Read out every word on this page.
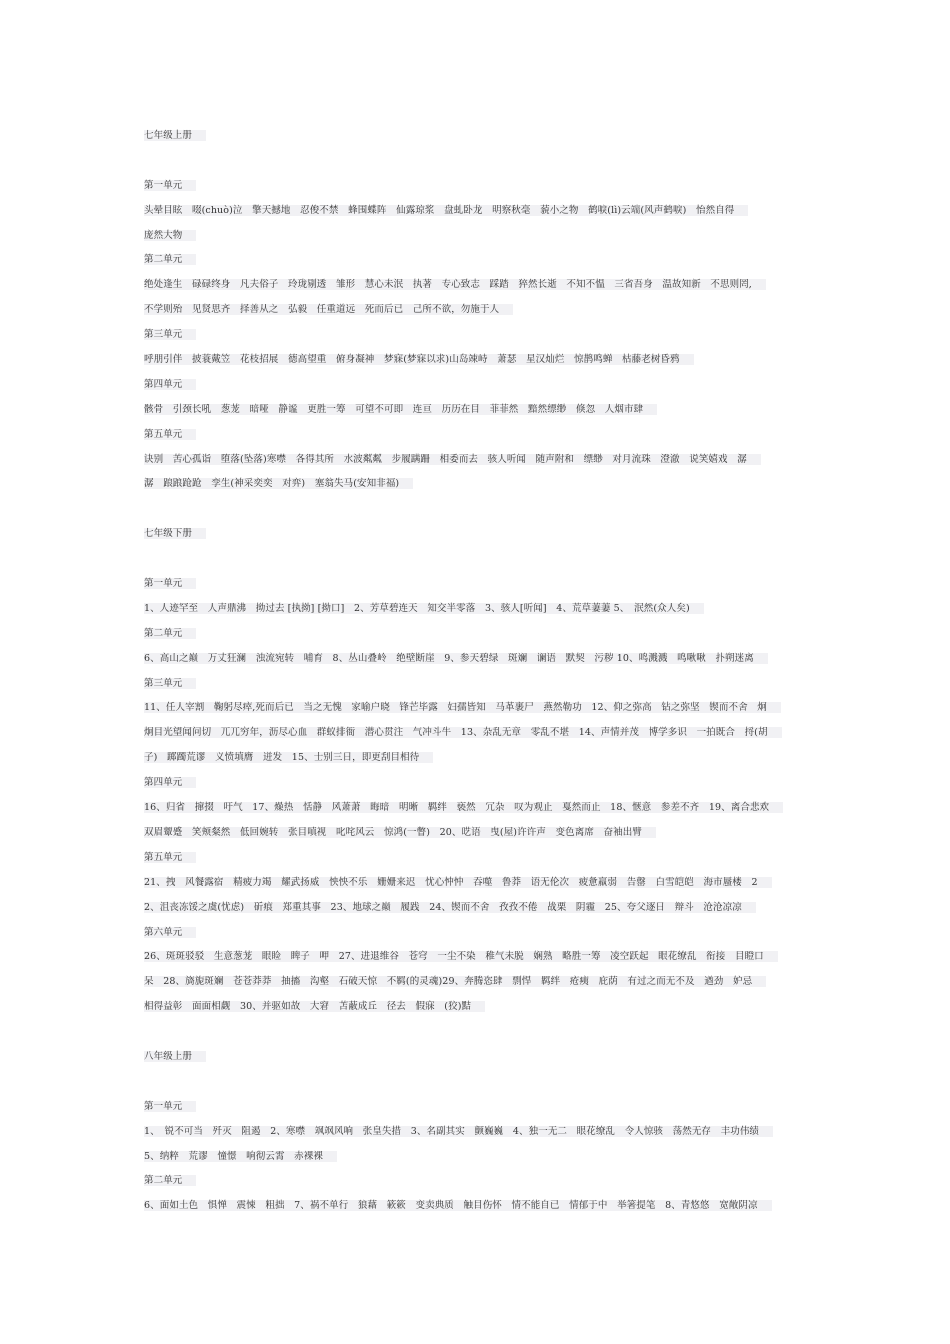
七年级上册
第一单元
头晕目眩　啜(chuò)泣　擎天撼地　忍俊不禁　蜂围蝶阵　仙露琼浆　盘虬卧龙　明察秋毫　藐小之物　鹤唳(lì)云端(风声鹤唳)　怡然自得
庞然大物
第二单元
绝处逢生　碌碌终身　凡夫俗子　玲珑剔透　雏形　慧心未泯　执著　专心致志　踩踏　猝然长逝　不知不愠　三省吾身　温故知新　不思则罔,
不学则殆　见贤思齐　择善从之　弘毅　任重道远　死而后已　己所不欲，勿施于人
第三单元
呼朋引伴　披蓑戴笠　花枝招展　德高望重　俯身凝神　梦寐(梦寐以求)山岛竦峙　萧瑟　星汉灿烂　惊鹊鸣蝉　枯藤老树昏鸦
第四单元
骸骨　引颈长吼　葱茏　暗哑　静谧　更胜一筹　可望不可即　连亘　历历在目　菲菲然　黯然缥缈　倏忽　人烟市肆
第五单元
诀别　苦心孤诣　堕落(坠落)寒噤　各得其所　水波粼粼　步履蹒跚　相委而去　骇人听闻　随声附和　缥缈　对月流珠　澄澈　说笑嬉戏　潺
潺　踉踉跄跄　孪生(神采奕奕　对弈)　塞翁失马(安知非福)
七年级下册
第一单元
1、人迹罕至　人声鼎沸　拗过去 [执拗] [拗口]　2、芳草碧连天　知交半零落　3、骇人[听闻]　4、荒草萋萋 5、　泯然(众人矣)
第二单元
6、高山之巅　万丈狂澜　浊流宛转　哺育　8、丛山叠岭　绝壁断崖　9、参天碧绿　斑斓　谰语　默契　污秽 10、鸣溅溅　鸣啾啾　扑朔迷离
第三单元
11、任人宰割　鞠躬尽瘁,死而后已　当之无愧　家喻户晓　锋芒毕露　妇孺皆知　马革裹尸　燕然勒功　12、仰之弥高　钻之弥坚　锲而不舍　炯
炯目光望闻问切　兀兀穷年，沥尽心血　群蚁排衙　潜心贯注　气冲斗牛　13、杂乱无章　零乱不堪　14、声情并茂　博学多识　一拍既合　捋(胡
子)　踯躅荒谬　义愤填膺　迸发　15、士别三日，即更刮目相待
第四单元
16、归省　撺掇　吁气　17、燥热　恬静　风萧萧　晦暗　明晰　羁绊　亵然　冗杂　叹为观止　戛然而止　18、惬意　参差不齐　19、离合悲欢
双眉颦蹙　笑颊粲然　低回婉转　张目嗔视　叱咤风云　惊鸿(一瞥)　20、呓语　曳(屋)许许声　变色离席　奋袖出臂
第五单元
21、拽　风餐露宿　精疲力竭　耀武扬威　怏怏不乐　姗姗来迟　忧心忡忡　吞噬　鲁莽　语无伦次　疲惫羸弱　告罄　白雪皑皑　海市蜃楼　2
2、沮丧冻馁之虞(忧虑)　斫痕　郑重其事　23、地球之巅　履践　24、锲而不舍　孜孜不倦　战栗　阴霾　25、夸父逐日　辩斗　沧沧凉凉
第六单元
26、斑斑驳驳　生意葱茏　眼睑　睥子　呷　27、进退维谷　苍穹　一尘不染　稚气未脱　娴熟　略胜一筹　凌空跃起　眼花缭乱　衔接　目瞪口
呆　28、旖旎斑斓　苍苍莽莽　抽搐　沟壑　石破天惊　不羁(的灵魂)29、奔腾恣肆　剽悍　羁绊　疮痍　庇荫　有过之而无不及　遒劲　妒忌
相得益彰　面面相觑　30、并驱如故　大窘　苫蔽成丘　径去　假寐　(狡)黠
八年级上册
第一单元
1、　锐不可当　歼灭　阻遏　2、寒噤　飒飒风响　张皇失措　3、名副其实　颤巍巍　4、独一无二　眼花缭乱　令人惊骇　荡然无存　丰功伟绩
5、纳粹　荒谬　憧憬　响彻云霄　赤裸裸
第二单元
6、面如土色　惧惮　震悚　粗拙　7、祸不单行　狼藉　簌簌　变卖典质　触目伤怀　情不能自已　情郁于中　举箸提笔　8、青悠悠　宽敞阴凉
